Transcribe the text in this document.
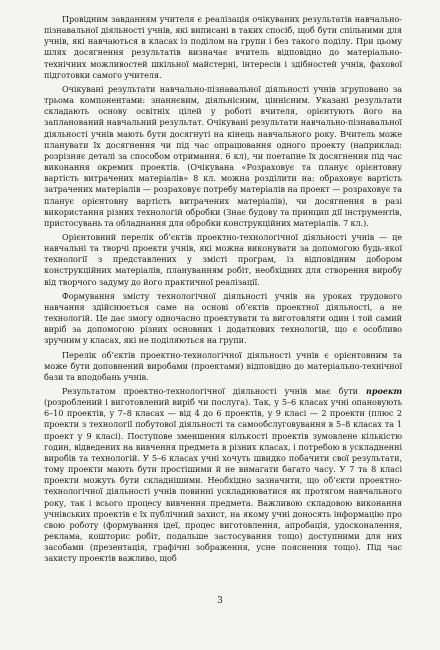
Провідним завданням учителя є реалізація очікуваних результатів навчально-пізнавальної діяльності учнів, які виписані в таких спосіб, щоб бути спільними для учнів, які навчаються в класах із поділом на групи і без такого поділу. При цьому шлях досягнення результатів визначає вчитель відповідно до матеріально-технічних можливостей шкільної майстерні, інтересів і здібностей учнів, фахової підготовки самого учителя.

Очікувані результати навчально-пізнавальної діяльності учнів згруповано за трьома компонентами: знаннєвим, діяльнісним, ціннісним. Указані результати складають основу освітніх цілей у роботі вчителя, орієнтують його на запланований навчальний результат. Очікувані результати навчально-пізнавальної діяльності учнів мають бути досягнуті на кінець навчального року. Вчитель може планувати їх досягнення чи під час опрацювання одного проекту (наприклад: розрізняє деталі за способом отримання. 6 кл), чи поетапне їх досягнення під час виконання окремих проектів. (Очікувана «Розраховує та планує орієнтовну вартість витрачених матеріалів» 8 кл. можна розділити на: обраховує вартість затрачених матеріалів — розраховує потребу матеріалів на проект — розраховує та планує орієнтовну вартість витрачених матеріалів), чи досягнення в разі використання різних технологій обробки (Знає будову та принцип дії інструментів, пристосувань та обладнання для обробки конструкційних матеріалів. 7 кл.).

Орієнтовний перелік об’єктів проектно-технологічної діяльності учнів — це навчальні та творчі проекти учнів, які можна виконувати за допомогою будь-якої технології з представлених у змісті програм, із відповідним добором конструкційних матеріалів, плануванням робіт, необхідних для створення виробу від творчого задуму до його практичної реалізації.

Формування змісту технологічної діяльності учнів на уроках трудового навчання здійснюється саме на основі об’єктів проектної діяльності, а не технологій. Це дає змогу одночасно проектувати та виготовляти один і той самий виріб за допомогою різних основних і додаткових технологій, що є особливо зручним у класах, які не поділяються на групи.

Перелік об’єктів проектно-технологічної діяльності учнів є орієнтовним та може бути доповнений виробами (проектами) відповідно до матеріально-технічної бази та вподобань учнів.

Результатом проектно-технологічної діяльності учнів має бути проект (розроблений і виготовлений виріб чи послуга). Так, у 5–6 класах учні опановують 6–10 проектів, у 7–8 класах — від 4 до 6 проектів, у 9 класі — 2 проекти (плюс 2 проекти з технології побутової діяльності та самообслуговування в 5–8 класах та 1 проект у 9 класі). Поступове зменшення кількості проектів зумовлене кількістю годин, відведених на вивчення предмета в різних класах, і потребою в ускладненні виробів та технологій. У 5–6 класах учні хочуть швидко побачити свої результати, тому проекти мають бути простішими й не вимагати багато часу. У 7 та 8 класі проекти можуть бути складнішими. Необхідно зазначити, що об’єкти проектно-технологічної діяльності учнів повинні ускладнюватися як протягом навчального року, так і всього процесу вивчення предмета. Важливою складовою виконання учнівських проектів є їх публічний захист, на якому учні доносять інформацію про свою роботу (формування ідеї, процес виготовлення, апробація, удосконалення, реклама, кошторис робіт, подальше застосування тощо) доступними для них засобами (презентація, графічні зображення, усне пояснення тощо). Під час захисту проектів важливо, щоб

3
